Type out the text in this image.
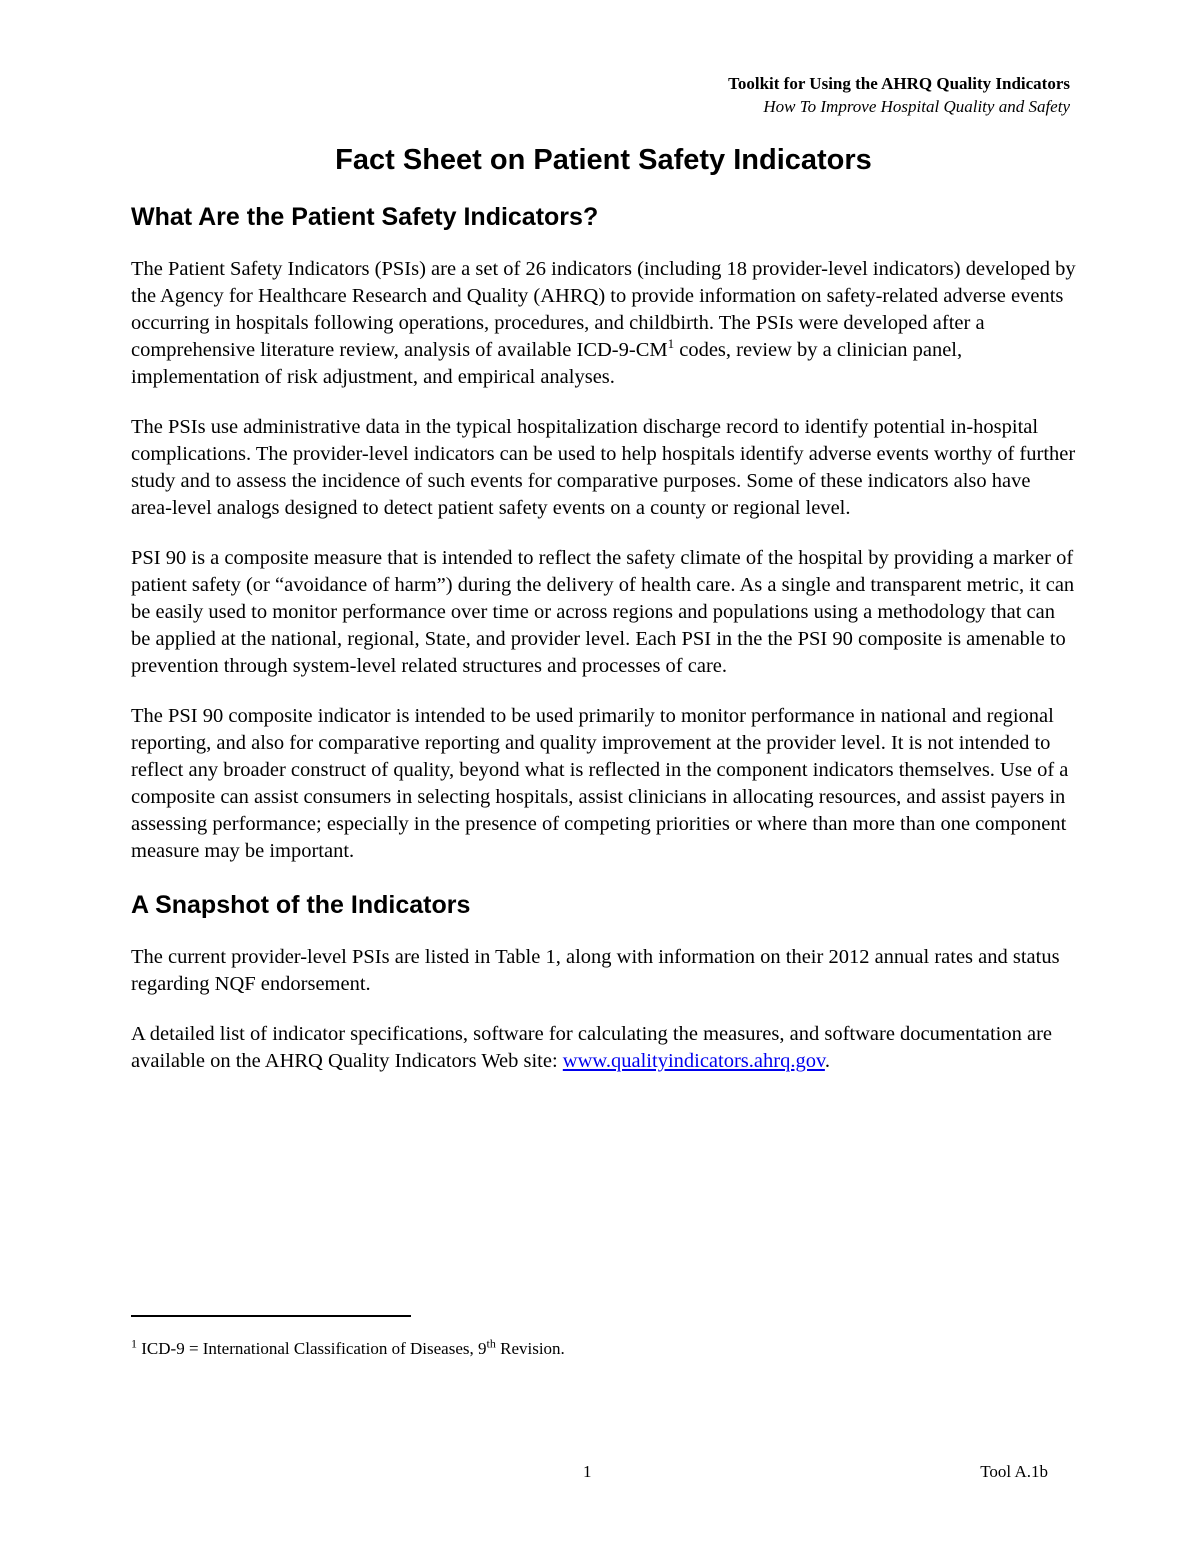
Toolkit for Using the AHRQ Quality Indicators
How To Improve Hospital Quality and Safety
Fact Sheet on Patient Safety Indicators
What Are the Patient Safety Indicators?

The Patient Safety Indicators (PSIs) are a set of 26 indicators (including 18 provider-level indicators) developed by the Agency for Healthcare Research and Quality (AHRQ) to provide information on safety-related adverse events occurring in hospitals following operations, procedures, and childbirth. The PSIs were developed after a comprehensive literature review, analysis of available ICD-$9-CM^1$ codes, review by a clinician panel, implementation of risk adjustment, and empirical analyses.

The PSIs use administrative data in the typical hospitalization discharge record to identify potential in-hospital complications. The provider-level indicators can be used to help hospitals identify adverse events worthy of further study and to assess the incidence of such events for comparative purposes. Some of these indicators also have area-level analogs designed to detect patient safety events on a county or regional level.

PSI 90 is a composite measure that is intended to reflect the safety climate of the hospital by providing a marker of patient safety (or “avoidance of harm”) during the delivery of health care. As a single and transparent metric, it can be easily used to monitor performance over time or across regions and populations using a methodology that can be applied at the national, regional, State, and provider level. Each PSI in the the PSI 90 composite is amenable to prevention through system-level related structures and processes of care.

The PSI 90 composite indicator is intended to be used primarily to monitor performance in national and regional reporting, and also for comparative reporting and quality improvement at the provider level. It is not intended to reflect any broader construct of quality, beyond what is reflected in the component indicators themselves. Use of a composite can assist consumers in selecting hospitals, assist clinicians in allocating resources, and assist payers in assessing performance; especially in the presence of competing priorities or where than more than one component measure may be important.

A Snapshot of the Indicators

The current provider-level PSIs are listed in Table 1, along with information on their 2012 annual rates and status regarding NQF endorsement.

A detailed list of indicator specifications, software for calculating the measures, and software documentation are available on the AHRQ Quality Indicators Web site: www.qualityindicators.ahrq.gov.

$^1$ ICD-9 = International Classification of Diseases, 9th Revision.
1	Tool A.1b
